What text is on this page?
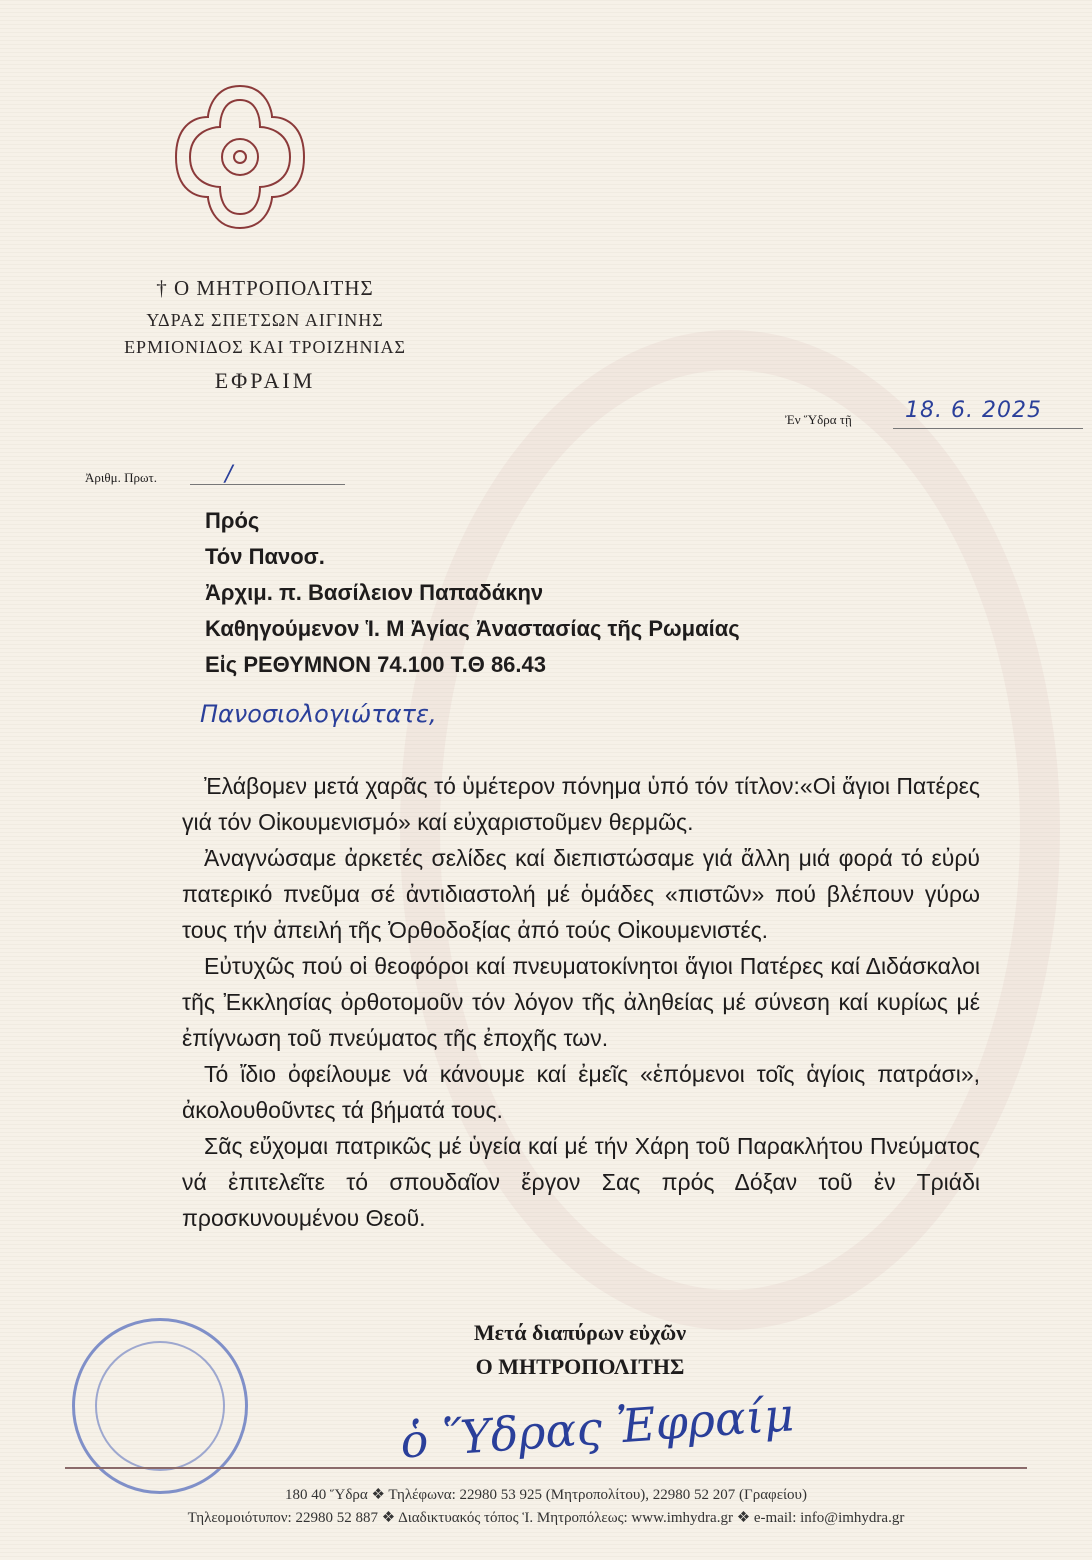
† Ο ΜΗΤΡΟΠΟΛΙΤΗΣ
ΥΔΡΑΣ ΣΠΕΤΣΩΝ ΑΙΓΙΝΗΣ
ΕΡΜΙΟΝΙΔΟΣ ΚΑΙ ΤΡΟΙΖΗΝΙΑΣ
ΕΦΡΑΙΜ
Ἐν Ὕδρα τῇ 18. 6. 2025
Ἀριθμ. Πρωτ.	/
Πρός
Τόν Πανοσ.
Ἀρχιμ. π. Βασίλειον Παπαδάκην
Καθηγούμενον Ἱ. Μ Ἁγίας Ἀναστασίας τῆς Ρωμαίας
Εἰς ΡΕΘΥΜΝΟΝ 74.100 Τ.Θ 86.43
Πανοσιολογιώτατε,

Ἐλάβομεν μετά χαρᾶς τό ὑμέτερον πόνημα ὑπό τόν τίτλον:«Οἱ ἅγιοι Πατέρες γιά τόν Οἰκουμενισμό» καί εὐχαριστοῦμεν θερμῶς.

Ἀναγνώσαμε ἀρκετές σελίδες καί διεπιστώσαμε γιά ἄλλη μιά φορά τό εὐρύ πατερικό πνεῦμα σέ ἀντιδιαστολή μέ ὁμάδες «πιστῶν» πού βλέπουν γύρω τους τήν ἀπειλή τῆς Ὀρθοδοξίας ἀπό τούς Οἰκουμενιστές.

Εὐτυχῶς πού οἱ θεοφόροι καί πνευματοκίνητοι ἅγιοι Πατέρες καί Διδάσκαλοι τῆς Ἐκκλησίας ὀρθοτομοῦν τόν λόγον τῆς ἀληθείας μέ σύνεση καί κυρίως μέ ἐπίγνωση τοῦ πνεύματος τῆς ἐποχῆς των.

Τό ἴδιο ὀφείλουμε νά κάνουμε καί ἐμεῖς «ἑπόμενοι τοῖς ἁγίοις πατράσι», ἀκολουθοῦντες τά βήματά τους.

Σᾶς εὔχομαι πατρικῶς μέ ὑγεία καί μέ τήν Χάρη τοῦ Παρακλήτου Πνεύματος νά ἐπιτελεῖτε τό σπουδαῖον ἔργον Σας πρός Δόξαν τοῦ ἐν Τριάδι προσκυνουμένου Θεοῦ.

Μετά διαπύρων εὐχῶν
Ο ΜΗΤΡΟΠΟΛΙΤΗΣ
ὁ Ὕδρας Ἐφραίμ
180 40 Ὕδρα ❖ Τηλέφωνα: 22980 53 925 (Μητροπολίτου), 22980 52 207 (Γραφείου)
Τηλεομοιότυπον: 22980 52 887 ❖ Διαδικτυακός τόπος Ἱ. Μητροπόλεως: www.imhydra.gr ❖ e-mail: info@imhydra.gr
